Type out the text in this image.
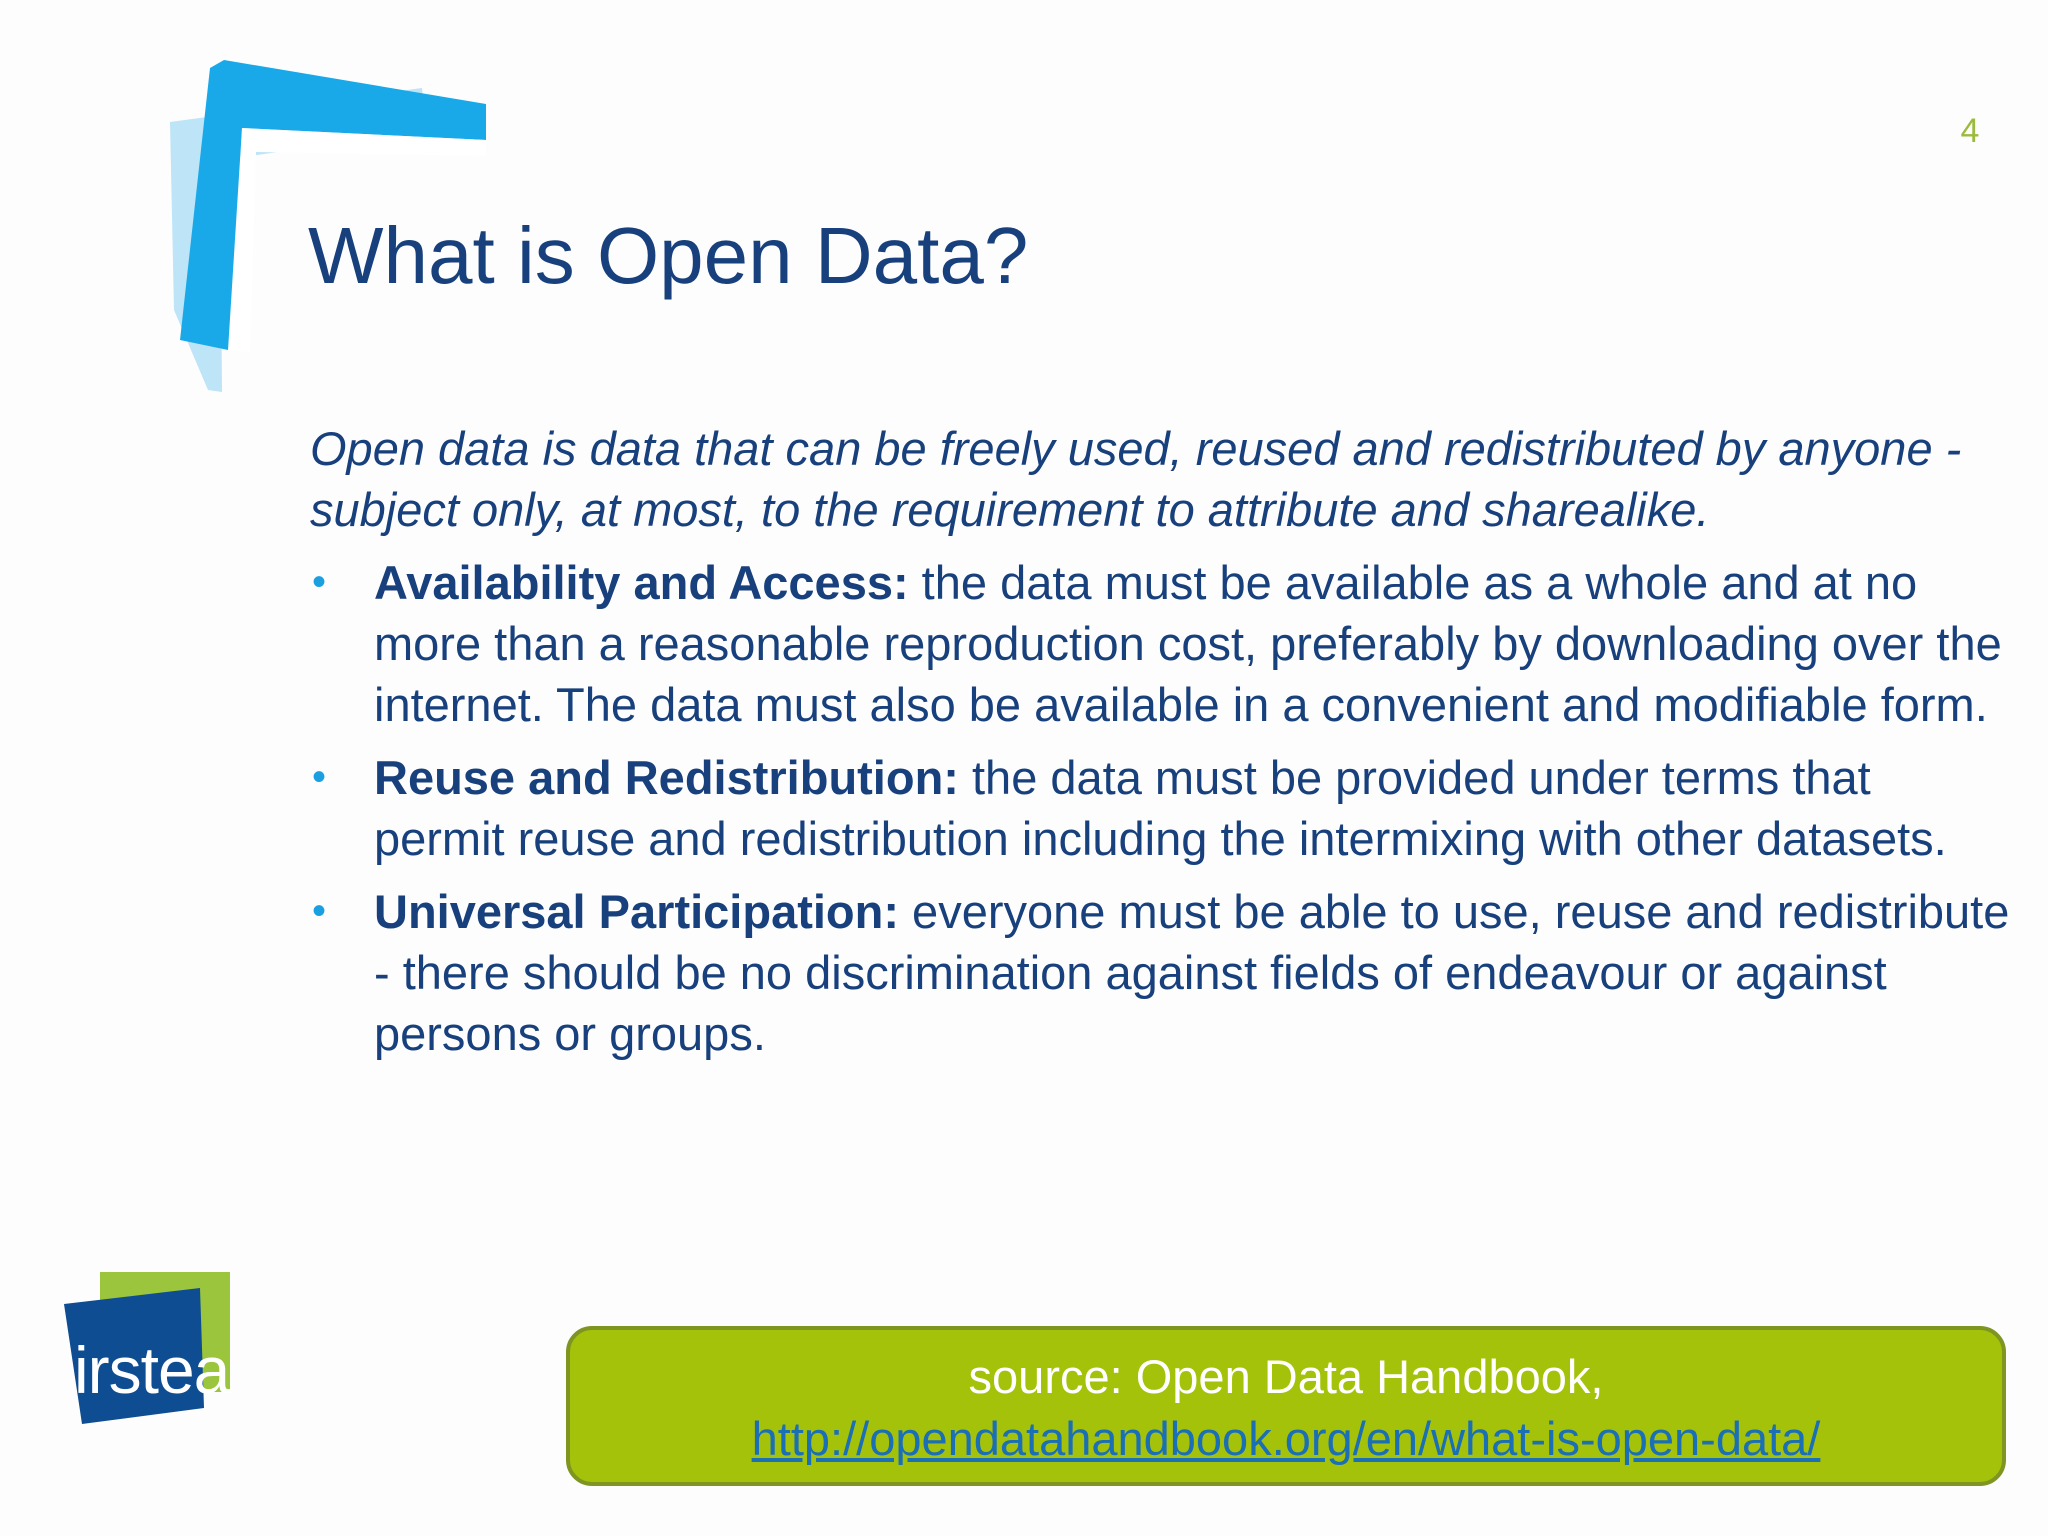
4
What is Open Data?

Open data is data that can be freely used, reused and redistributed by anyone - subject only, at most, to the requirement to attribute and sharealike.

• Availability and Access: the data must be available as a whole and at no more than a reasonable reproduction cost, preferably by downloading over the internet. The data must also be available in a convenient and modifiable form.
• Reuse and Redistribution: the data must be provided under terms that permit reuse and redistribution including the intermixing with other datasets.
• Universal Participation: everyone must be able to use, reuse and redistribute - there should be no discrimination against fields of endeavour or against persons or groups.
source: Open Data Handbook,
http://opendatahandbook.org/en/what-is-open-data/
irstea
